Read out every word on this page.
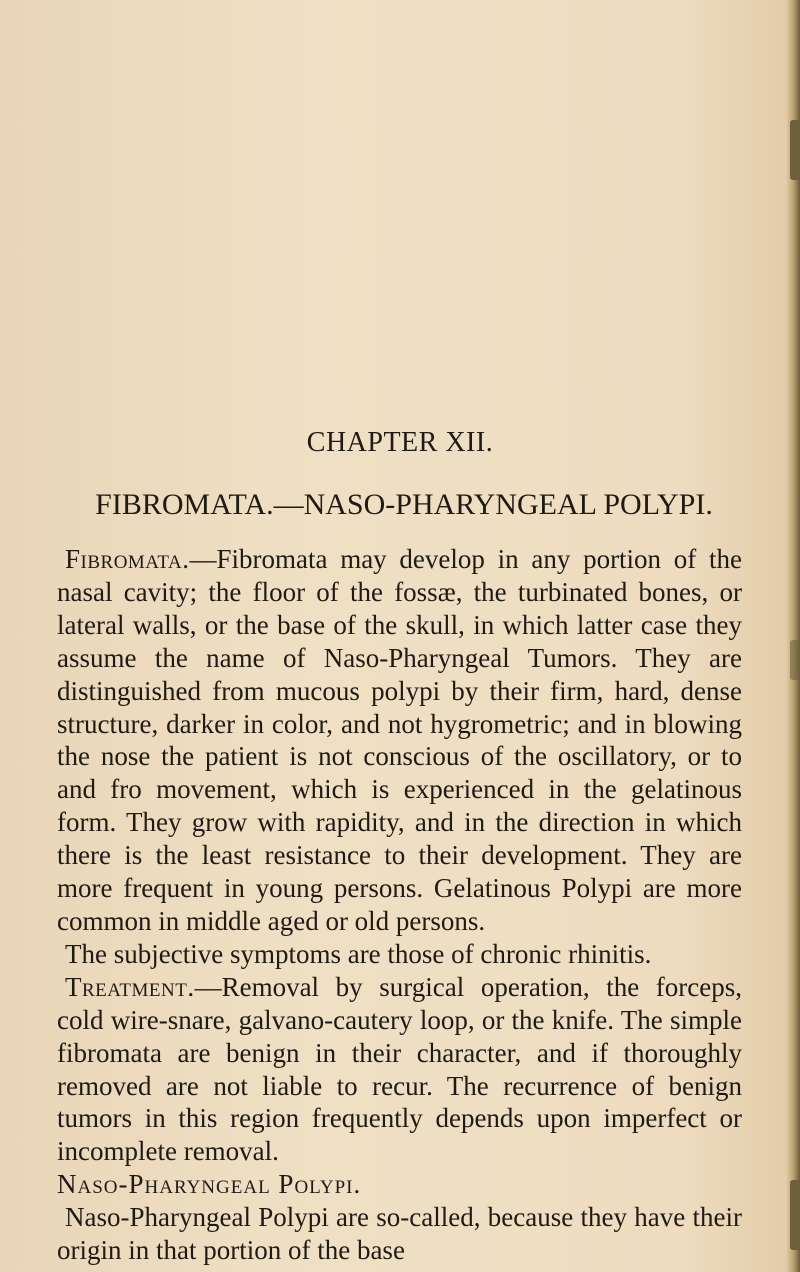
CHAPTER XII.
FIBROMATA.—NASO-PHARYNGEAL POLYPI.

Fibromata.—Fibromata may develop in any portion of the nasal cavity; the floor of the fossæ, the turbinated bones, or lateral walls, or the base of the skull, in which latter case they assume the name of Naso-Pharyngeal Tumors. They are distinguished from mucous polypi by their firm, hard, dense structure, darker in color, and not hygrometric; and in blowing the nose the patient is not conscious of the oscillatory, or to and fro movement, which is experienced in the gelatinous form. They grow with rapidity, and in the direction in which there is the least resistance to their development. They are more frequent in young persons. Gelatinous Polypi are more common in middle aged or old persons.

The subjective symptoms are those of chronic rhinitis.

Treatment.—Removal by surgical operation, the forceps, cold wire-snare, galvano-cautery loop, or the knife. The simple fibromata are benign in their character, and if thoroughly removed are not liable to recur. The recurrence of benign tumors in this region frequently depends upon imperfect or incomplete removal.

Naso-Pharyngeal Polypi.

Naso-Pharyngeal Polypi are so-called, because they have their origin in that portion of the base
